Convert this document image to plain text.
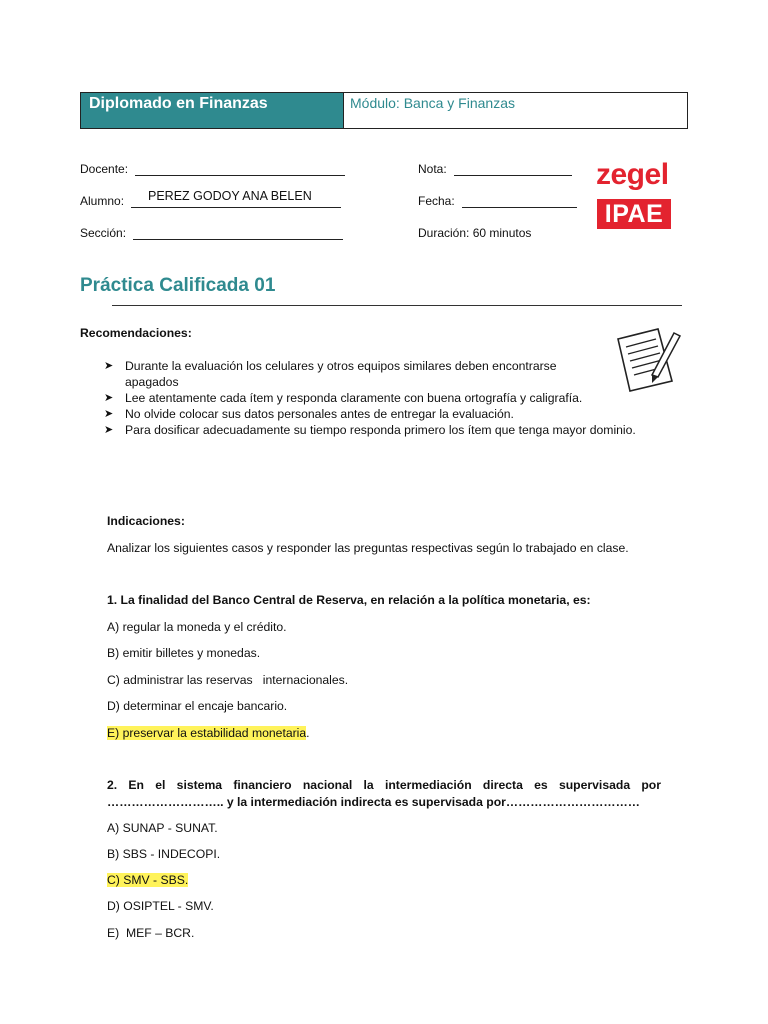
Diplomado en Finanzas	Módulo: Banca y Finanzas
Docente:
Alumno:	PEREZ GODOY ANA BELEN
Sección:
Nota:
Fecha:
Duración: 60 minutos
zegel
IPAE
Práctica Calificada 01
Recomendaciones:
➤ Durante la evaluación los celulares y otros equipos similares deben encontrarse apagados
➤ Lee atentamente cada ítem y responda claramente con buena ortografía y caligrafía.
➤ No olvide colocar sus datos personales antes de entregar la evaluación.
➤ Para dosificar adecuadamente su tiempo responda primero los ítem que tenga mayor dominio.
Indicaciones:
Analizar los siguientes casos y responder las preguntas respectivas según lo trabajado en clase.
1. La finalidad del Banco Central de Reserva, en relación a la política monetaria, es:
A) regular la moneda y el crédito.
B) emitir billetes y monedas.
C) administrar las reservas   internacionales.
D) determinar el encaje bancario.
E) preservar la estabilidad monetaria.
2. En el sistema financiero nacional la intermediación directa es supervisada por
……………………….. y la intermediación indirecta es supervisada por……………………………
A) SUNAP - SUNAT.
B) SBS - INDECOPI.
C) SMV - SBS.
D) OSIPTEL - SMV.
E)  MEF – BCR.
